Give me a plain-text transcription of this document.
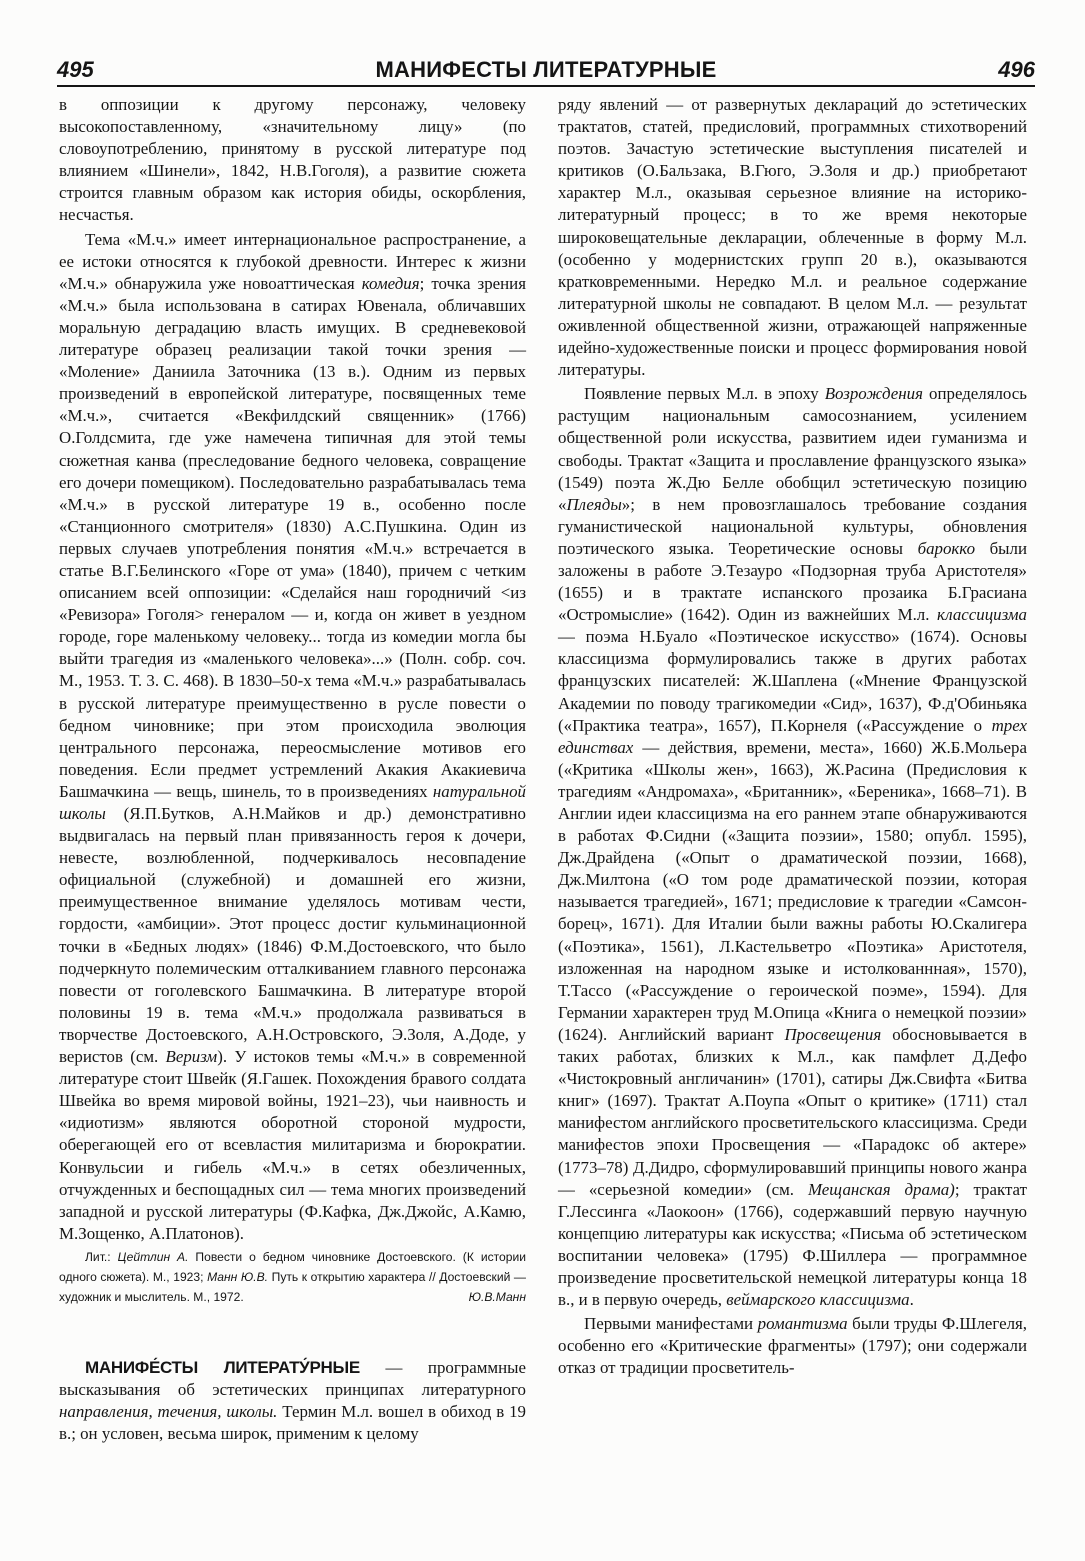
495	МАНИФЕСТЫ ЛИТЕРАТУРНЫЕ	496

в оппозиции к другому персонажу, человеку высокопоставленному, «значительному лицу» (по словоупотреблению, принятому в русской литературе под влиянием «Шинели», 1842, Н.В.Гоголя), а развитие сюжета строится главным образом как история обиды, оскорбления, несчастья.

Тема «М.ч.» имеет интернациональное распространение, а ее истоки относятся к глубокой древности. Интерес к жизни «М.ч.» обнаружила уже новоаттическая комедия; точка зрения «М.ч.» была использована в сатирах Ювенала, обличавших моральную деградацию власть имущих. В средневековой литературе образец реализации такой точки зрения — «Моление» Даниила Заточника (13 в.). Одним из первых произведений в европейской литературе, посвященных теме «М.ч.», считается «Векфилдский священник» (1766) О.Голдсмита, где уже намечена типичная для этой темы сюжетная канва (преследование бедного человека, совращение его дочери помещиком). Последовательно разрабатывалась тема «М.ч.» в русской литературе 19 в., особенно после «Станционного смотрителя» (1830) А.С.Пушкина. Один из первых случаев употребления понятия «М.ч.» встречается в статье В.Г.Белинского «Горе от ума» (1840), причем с четким описанием всей оппозиции: «Сделайся наш городничий <из «Ревизора» Гоголя> генералом — и, когда он живет в уездном городе, горе маленькому человеку... тогда из комедии могла бы выйти трагедия из «маленького человека»...» (Полн. собр. соч. М., 1953. Т. 3. С. 468). В 1830–50-х тема «М.ч.» разрабатывалась в русской литературе преимущественно в русле повести о бедном чиновнике; при этом происходила эволюция центрального персонажа, переосмысление мотивов его поведения. Если предмет устремлений Акакия Акакиевича Башмачкина — вещь, шинель, то в произведениях натуральной школы (Я.П.Бутков, А.Н.Майков и др.) демонстративно выдвигалась на первый план привязанность героя к дочери, невесте, возлюбленной, подчеркивалось несовпадение официальной (служебной) и домашней его жизни, преимущественное внимание уделялось мотивам чести, гордости, «амбиции». Этот процесс достиг кульминационной точки в «Бедных людях» (1846) Ф.М.Достоевского, что было подчеркнуто полемическим отталкиванием главного персонажа повести от гоголевского Башмачкина. В литературе второй половины 19 в. тема «М.ч.» продолжала развиваться в творчестве Достоевского, А.Н.Островского, Э.Золя, А.Доде, у веристов (см. Веризм). У истоков темы «М.ч.» в современной литературе стоит Швейк (Я.Гашек. Похождения бравого солдата Швейка во время мировой войны, 1921–23), чьи наивность и «идиотизм» являются оборотной стороной мудрости, оберегающей его от всевластия милитаризма и бюрократии. Конвульсии и гибель «М.ч.» в сетях обезличенных, отчужденных и беспощадных сил — тема многих произведений западной и русской литературы (Ф.Кафка, Дж.Джойс, А.Камю, М.Зощенко, А.Платонов).

Лит.: Цейтлин А. Повести о бедном чиновнике Достоевского. (К истории одного сюжета). М., 1923; Манн Ю.В. Путь к открытию характера // Достоевский — художник и мыслитель. М., 1972.	Ю.В.Манн

МАНИФЕ́СТЫ ЛИТЕРАТУ́РНЫЕ — программные высказывания об эстетических принципах литературного направления, течения, школы. Термин М.л. вошел в обиход в 19 в.; он условен, весьма широк, применим к целому

ряду явлений — от развернутых деклараций до эстетических трактатов, статей, предисловий, программных стихотворений поэтов. Зачастую эстетические выступления писателей и критиков (О.Бальзака, В.Гюго, Э.Золя и др.) приобретают характер М.л., оказывая серьезное влияние на историко-литературный процесс; в то же время некоторые широковещательные декларации, облеченные в форму М.л. (особенно у модернистских групп 20 в.), оказываются кратковременными. Нередко М.л. и реальное содержание литературной школы не совпадают. В целом М.л. — результат оживленной общественной жизни, отражающей напряженные идейно-художественные поиски и процесс формирования новой литературы.

Появление первых М.л. в эпоху Возрождения определялось растущим национальным самосознанием, усилением общественной роли искусства, развитием идеи гуманизма и свободы. Трактат «Защита и прославление французского языка» (1549) поэта Ж.Дю Белле обобщил эстетическую позицию «Плеяды»; в нем провозглашалось требование создания гуманистической национальной культуры, обновления поэтического языка. Теоретические основы барокко были заложены в работе Э.Тезауро «Подзорная труба Аристотеля» (1655) и в трактате испанского прозаика Б.Грасиана «Остромыслие» (1642). Один из важнейших М.л. классицизма — поэма Н.Буало «Поэтическое искусство» (1674). Основы классицизма формулировались также в других работах французских писателей: Ж.Шаплена («Мнение Французской Академии по поводу трагикомедии «Сид», 1637), Ф.д'Обиньяка («Практика театра», 1657), П.Корнеля («Рассуждение о трех единствах — действия, времени, места», 1660) Ж.Б.Мольера («Критика «Школы жен», 1663), Ж.Расина (Предисловия к трагедиям «Андромаха», «Британник», «Береника», 1668–71). В Англии идеи классицизма на его раннем этапе обнаруживаются в работах Ф.Сидни («Защита поэзии», 1580; опубл. 1595), Дж.Драйдена («Опыт о драматической поэзии, 1668), Дж.Милтона («О том роде драматической поэзии, которая называется трагедией», 1671; предисловие к трагедии «Самсон-борец», 1671). Для Италии были важны работы Ю.Скалигера («Поэтика», 1561), Л.Кастельветро «Поэтика» Аристотеля, изложенная на народном языке и истолкованнная», 1570), Т.Тассо («Рассуждение о героической поэме», 1594). Для Германии характерен труд М.Опица «Книга о немецкой поэзии» (1624). Английский вариант Просвещения обосновывается в таких работах, близких к М.л., как памфлет Д.Дефо «Чистокровный англичанин» (1701), сатиры Дж.Свифта «Битва книг» (1697). Трактат А.Поупа «Опыт о критике» (1711) стал манифестом английского просветительского классицизма. Среди манифестов эпохи Просвещения — «Парадокс об актере» (1773–78) Д.Дидро, сформулировавший принципы нового жанра — «серьезной комедии» (см. Мещанская драма); трактат Г.Лессинга «Лаокоон» (1766), содержавший первую научную концепцию литературы как искусства; «Письма об эстетическом воспитании человека» (1795) Ф.Шиллера — программное произведение просветительской немецкой литературы конца 18 в., и в первую очередь, веймарского классицизма.

Первыми манифестами романтизма были труды Ф.Шлегеля, особенно его «Критические фрагменты» (1797); они содержали отказ от традиции просветитель-
